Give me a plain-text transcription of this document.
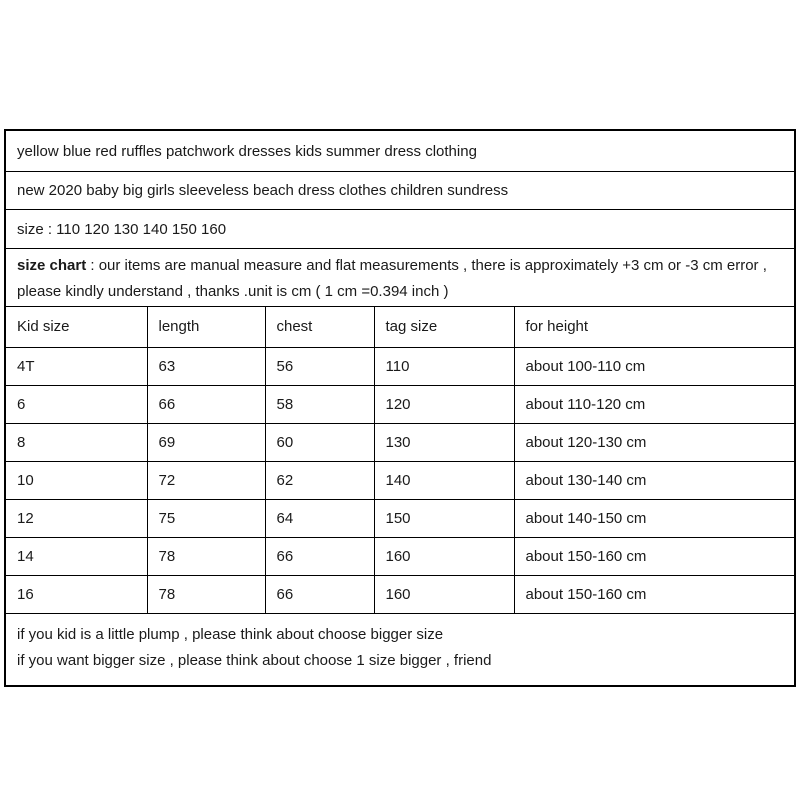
yellow blue red ruffles patchwork dresses kids summer dress clothing
new 2020 baby big girls sleeveless beach dress clothes children sundress
size : 110 120 130 140 150 160
size chart : our items are manual measure and flat measurements , there is approximately +3 cm or -3 cm error ,
please kindly understand , thanks .unit is cm ( 1 cm =0.394 inch )
Kid size	length	chest	tag size	for height
4T	63	56	110	about 100-110 cm
6	66	58	120	about 110-120 cm
8	69	60	130	about 120-130 cm
10	72	62	140	about 130-140 cm
12	75	64	150	about 140-150 cm
14	78	66	160	about 150-160 cm
16	78	66	160	about 150-160 cm
if you kid is a little plump , please think about choose bigger size
if you want bigger size , please think about choose 1 size bigger , friend
